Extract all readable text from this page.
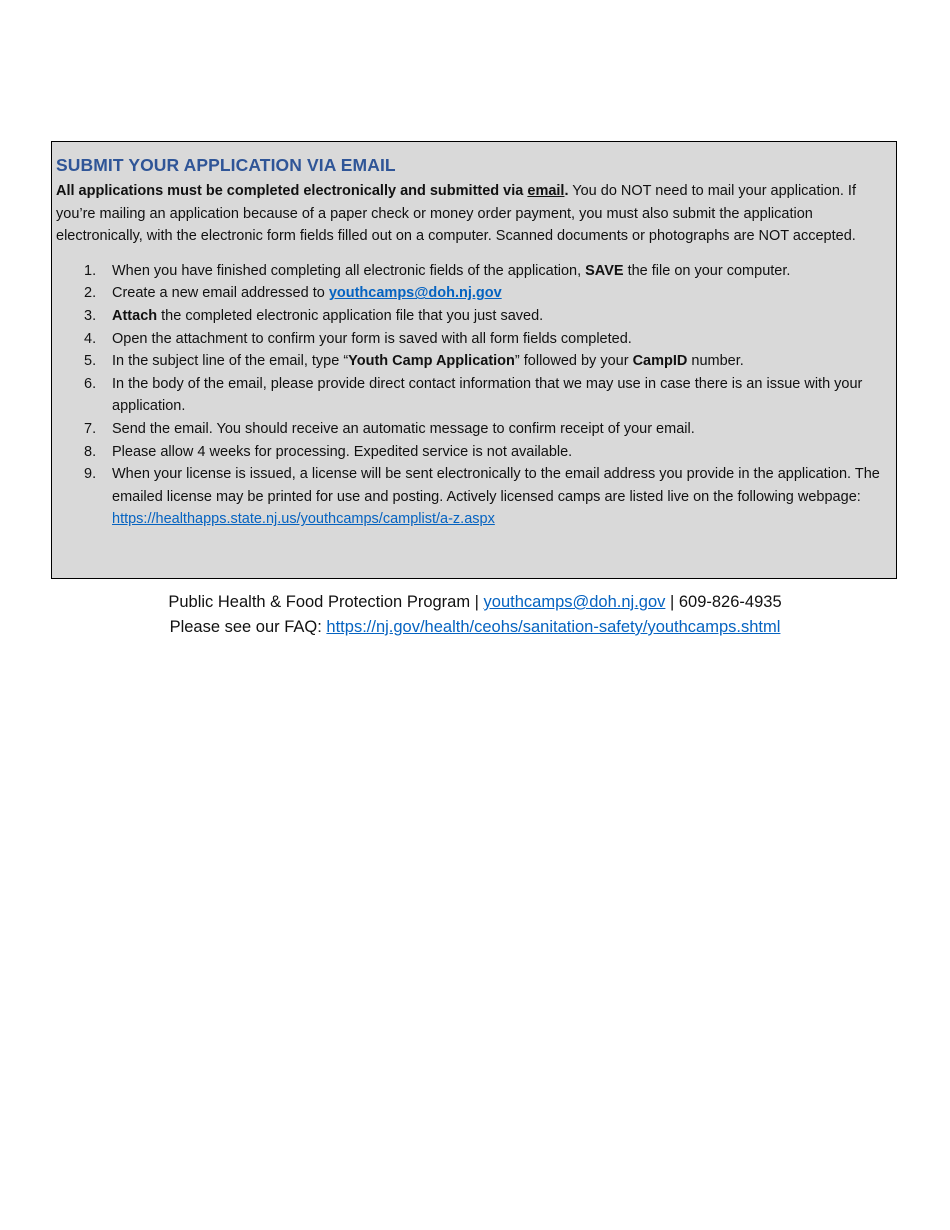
SUBMIT YOUR APPLICATION VIA EMAIL

All applications must be completed electronically and submitted via email. You do NOT need to mail your application. If you’re mailing an application because of a paper check or money order payment, you must also submit the application electronically, with the electronic form fields filled out on a computer. Scanned documents or photographs are NOT accepted.

1.	When you have finished completing all electronic fields of the application, SAVE the file on your computer.
2.	Create a new email addressed to youthcamps@doh.nj.gov
3.	Attach the completed electronic application file that you just saved.
4.	Open the attachment to confirm your form is saved with all form fields completed.
5.	In the subject line of the email, type “Youth Camp Application” followed by your CampID number.
6.	In the body of the email, please provide direct contact information that we may use in case there is an issue with your application.
7.	Send the email. You should receive an automatic message to confirm receipt of your email.
8.	Please allow 4 weeks for processing. Expedited service is not available.
9.	When your license is issued, a license will be sent electronically to the email address you provide in the application. The emailed license may be printed for use and posting. Actively licensed camps are listed live on the following webpage: https://healthapps.state.nj.us/youthcamps/camplist/a-z.aspx
Public Health & Food Protection Program | youthcamps@doh.nj.gov | 609-826-4935
Please see our FAQ: https://nj.gov/health/ceohs/sanitation-safety/youthcamps.shtml
